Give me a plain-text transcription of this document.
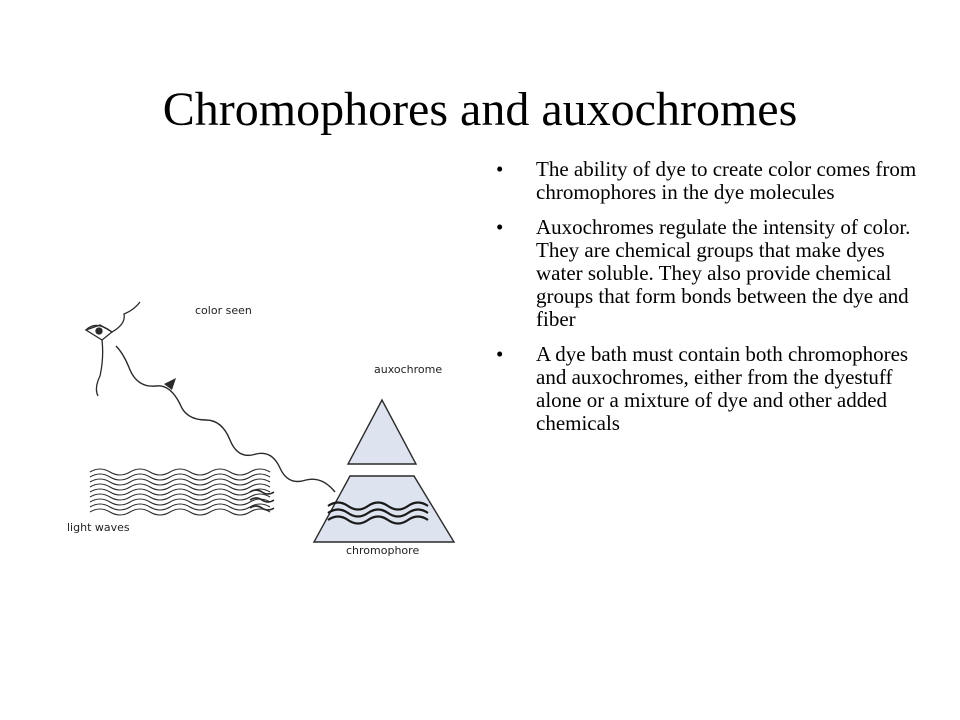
Chromophores and auxochromes
• The ability of dye to create color comes from chromophores in the dye molecules
• Auxochromes regulate the intensity of color. They are chemical groups that make dyes water soluble. They also provide chemical groups that form bonds between the dye and fiber
• A dye bath must contain both chromophores and auxochromes, either from the dyestuff alone or a mixture of dye and other added chemicals
color seen
auxochrome
light waves
chromophore
